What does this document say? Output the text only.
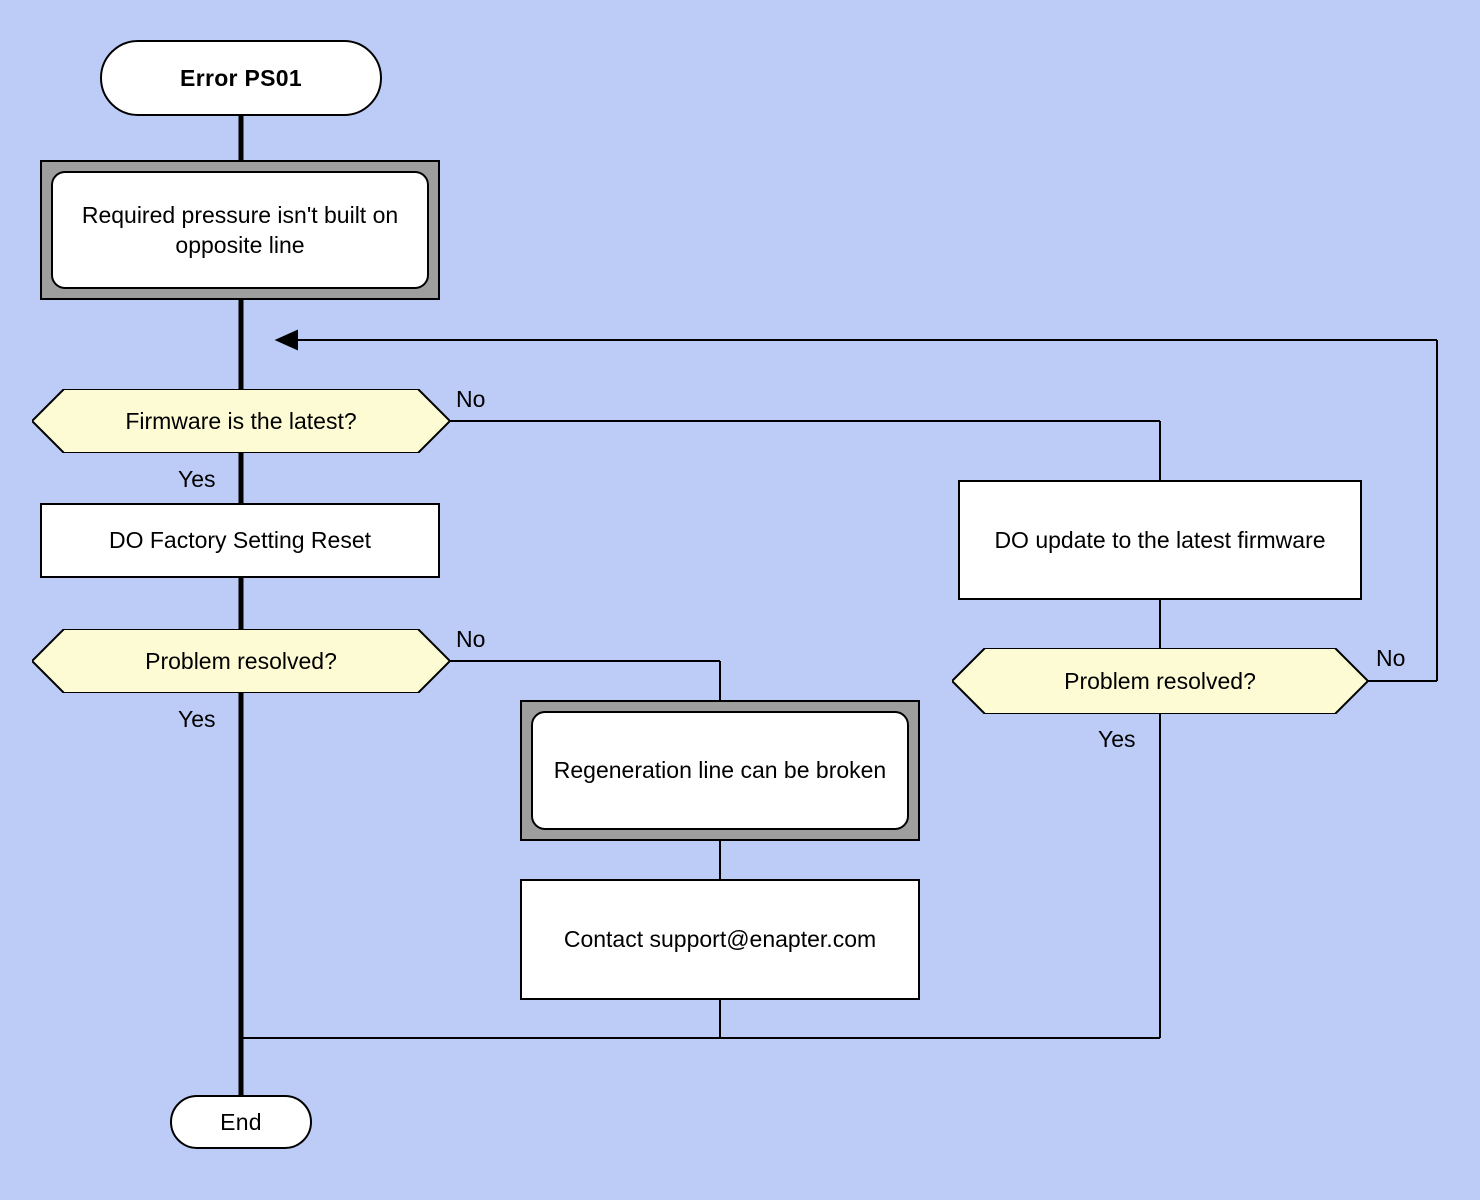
Error PS01
Required pressure isn't built on opposite line
Firmware is the latest?
No
Yes
DO Factory Setting Reset
Problem resolved?
No
Yes
DO update to the latest firmware
Problem resolved?
No
Yes
Regeneration line can be broken
Contact support@enapter.com
End
